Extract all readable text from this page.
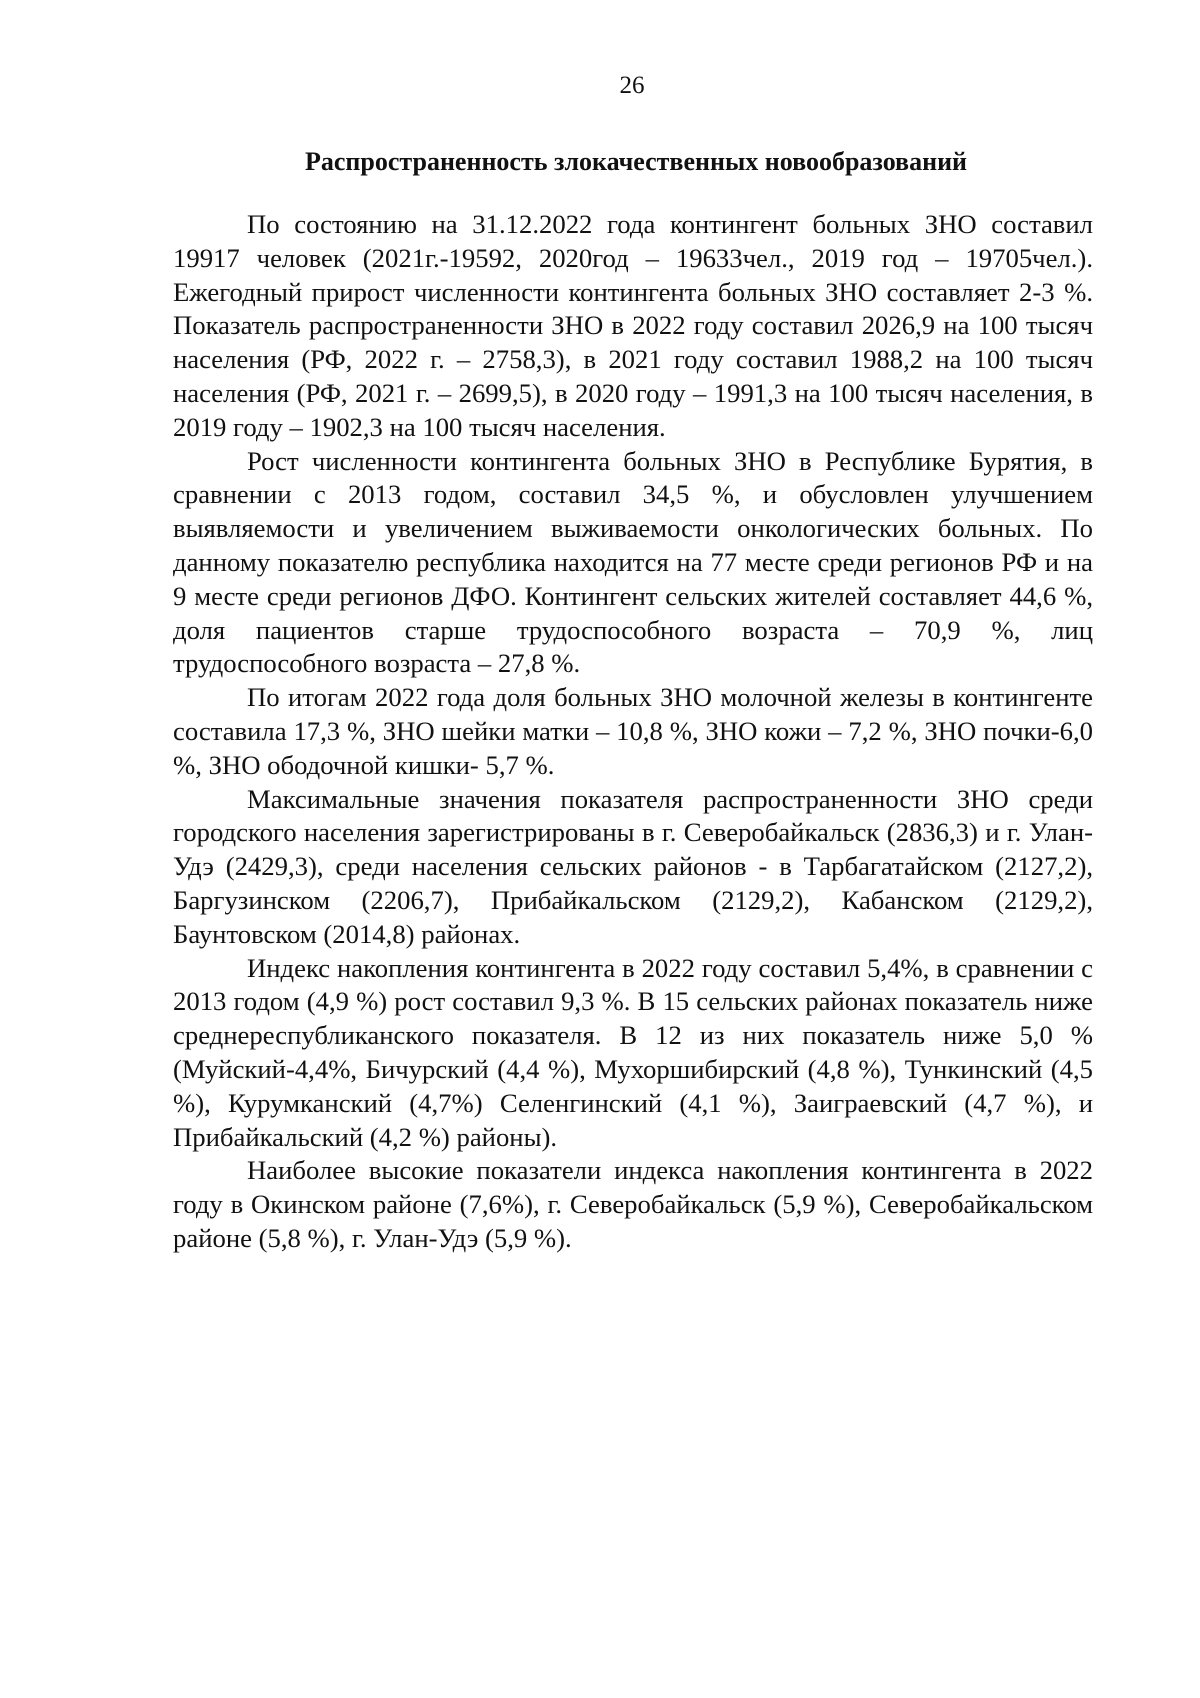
26
Распространенность злокачественных новообразований

По состоянию на 31.12.2022 года контингент больных ЗНО составил 19917 человек (2021г.-19592, 2020год – 19633чел., 2019 год – 19705чел.). Ежегодный прирост численности контингента больных ЗНО составляет 2-3 %. Показатель распространенности ЗНО в 2022 году составил 2026,9 на 100 тысяч населения (РФ, 2022 г. – 2758,3), в 2021 году составил 1988,2 на 100 тысяч населения (РФ, 2021 г. – 2699,5), в 2020 году – 1991,3 на 100 тысяч населения, в 2019 году – 1902,3 на 100 тысяч населения.

Рост численности контингента больных ЗНО в Республике Бурятия, в сравнении с 2013 годом, составил 34,5 %, и обусловлен улучшением выявляемости и увеличением выживаемости онкологических больных. По данному показателю республика находится на 77 месте среди регионов РФ и на 9 месте среди регионов ДФО. Контингент сельских жителей составляет 44,6 %, доля пациентов старше трудоспособного возраста – 70,9 %, лиц трудоспособного возраста – 27,8 %.

По итогам 2022 года доля больных ЗНО молочной железы в контингенте составила 17,3 %, ЗНО шейки матки – 10,8 %, ЗНО кожи – 7,2 %, ЗНО почки-6,0 %, ЗНО ободочной кишки- 5,7 %.

Максимальные значения показателя распространенности ЗНО среди городского населения зарегистрированы в г. Северобайкальск (2836,3) и г. Улан-Удэ (2429,3), среди населения сельских районов - в Тарбагатайском (2127,2), Баргузинском (2206,7), Прибайкальском (2129,2), Кабанском (2129,2), Баунтовском (2014,8) районах.

Индекс накопления контингента в 2022 году составил 5,4%, в сравнении с 2013 годом (4,9 %) рост составил 9,3 %. В 15 сельских районах показатель ниже среднереспубликанского показателя. В 12 из них показатель ниже 5,0 % (Муйский-4,4%, Бичурский (4,4 %), Мухоршибирский (4,8 %), Тункинский (4,5 %), Курумканский (4,7%) Селенгинский (4,1 %), Заиграевский (4,7 %), и Прибайкальский (4,2 %) районы).

Наиболее высокие показатели индекса накопления контингента в 2022 году в Окинском районе (7,6%), г. Северобайкальск (5,9 %), Северобайкальском районе (5,8 %), г. Улан-Удэ (5,9 %).
